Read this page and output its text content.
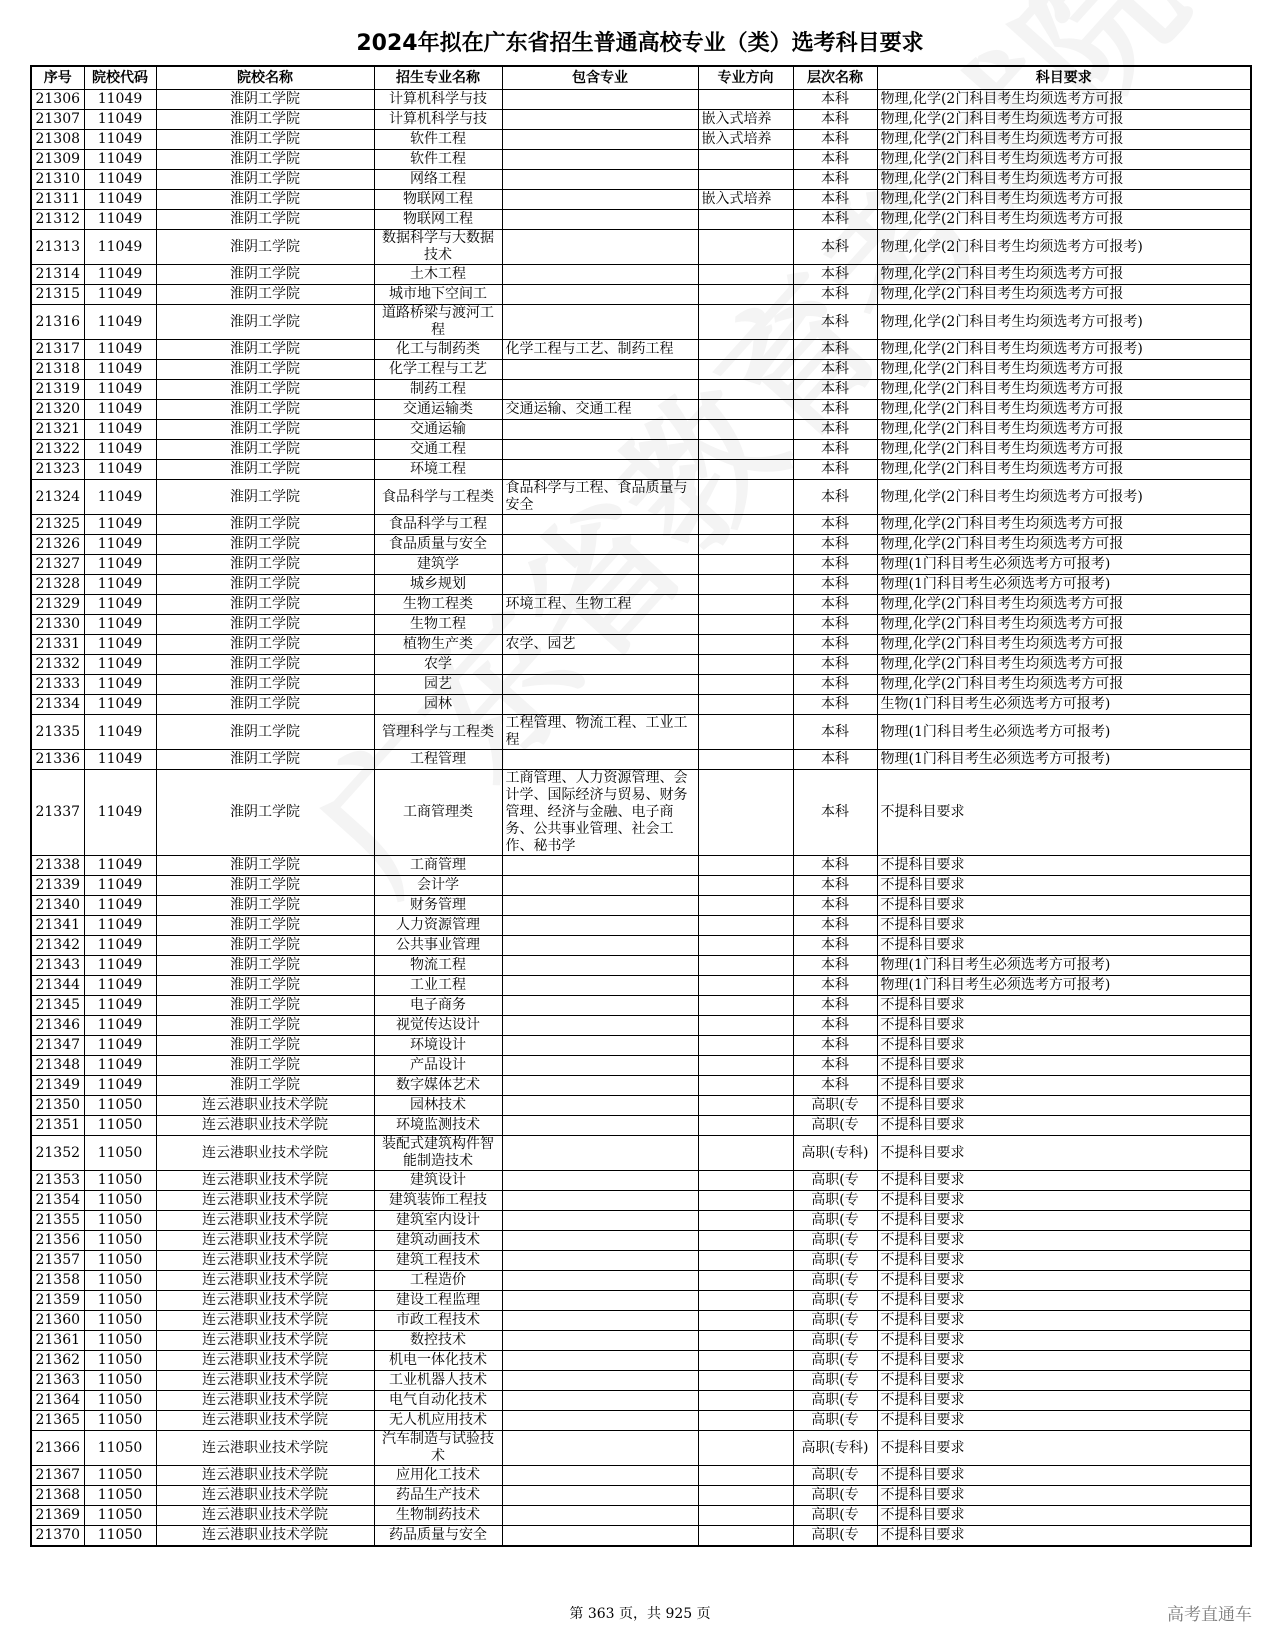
2024年拟在广东省招生普通高校专业（类）选考科目要求
序号	院校代码	院校名称	招生专业名称	包含专业	专业方向	层次名称	科目要求
21306	11049	淮阴工学院	计算机科学与技			本科	物理,化学(2门科目考生均须选考方可报
21307	11049	淮阴工学院	计算机科学与技		嵌入式培养	本科	物理,化学(2门科目考生均须选考方可报
21308	11049	淮阴工学院	软件工程		嵌入式培养	本科	物理,化学(2门科目考生均须选考方可报
21309	11049	淮阴工学院	软件工程			本科	物理,化学(2门科目考生均须选考方可报
21310	11049	淮阴工学院	网络工程			本科	物理,化学(2门科目考生均须选考方可报
21311	11049	淮阴工学院	物联网工程		嵌入式培养	本科	物理,化学(2门科目考生均须选考方可报
21312	11049	淮阴工学院	物联网工程			本科	物理,化学(2门科目考生均须选考方可报
21313	11049	淮阴工学院	数据科学与大数据技术			本科	物理,化学(2门科目考生均须选考方可报考)
21314	11049	淮阴工学院	土木工程			本科	物理,化学(2门科目考生均须选考方可报
21315	11049	淮阴工学院	城市地下空间工			本科	物理,化学(2门科目考生均须选考方可报
21316	11049	淮阴工学院	道路桥梁与渡河工程			本科	物理,化学(2门科目考生均须选考方可报考)
21317	11049	淮阴工学院	化工与制药类	化学工程与工艺、制药工程		本科	物理,化学(2门科目考生均须选考方可报考)
21318	11049	淮阴工学院	化学工程与工艺			本科	物理,化学(2门科目考生均须选考方可报
21319	11049	淮阴工学院	制药工程			本科	物理,化学(2门科目考生均须选考方可报
21320	11049	淮阴工学院	交通运输类	交通运输、交通工程		本科	物理,化学(2门科目考生均须选考方可报
21321	11049	淮阴工学院	交通运输			本科	物理,化学(2门科目考生均须选考方可报
21322	11049	淮阴工学院	交通工程			本科	物理,化学(2门科目考生均须选考方可报
21323	11049	淮阴工学院	环境工程			本科	物理,化学(2门科目考生均须选考方可报
21324	11049	淮阴工学院	食品科学与工程类	食品科学与工程、食品质量与安全		本科	物理,化学(2门科目考生均须选考方可报考)
21325	11049	淮阴工学院	食品科学与工程			本科	物理,化学(2门科目考生均须选考方可报
21326	11049	淮阴工学院	食品质量与安全			本科	物理,化学(2门科目考生均须选考方可报
21327	11049	淮阴工学院	建筑学			本科	物理(1门科目考生必须选考方可报考)
21328	11049	淮阴工学院	城乡规划			本科	物理(1门科目考生必须选考方可报考)
21329	11049	淮阴工学院	生物工程类	环境工程、生物工程		本科	物理,化学(2门科目考生均须选考方可报
21330	11049	淮阴工学院	生物工程			本科	物理,化学(2门科目考生均须选考方可报
21331	11049	淮阴工学院	植物生产类	农学、园艺		本科	物理,化学(2门科目考生均须选考方可报
21332	11049	淮阴工学院	农学			本科	物理,化学(2门科目考生均须选考方可报
21333	11049	淮阴工学院	园艺			本科	物理,化学(2门科目考生均须选考方可报
21334	11049	淮阴工学院	园林			本科	生物(1门科目考生必须选考方可报考)
21335	11049	淮阴工学院	管理科学与工程类	工程管理、物流工程、工业工程		本科	物理(1门科目考生必须选考方可报考)
21336	11049	淮阴工学院	工程管理			本科	物理(1门科目考生必须选考方可报考)
21337	11049	淮阴工学院	工商管理类	工商管理、人力资源管理、会计学、国际经济与贸易、财务管理、经济与金融、电子商务、公共事业管理、社会工作、秘书学		本科	不提科目要求
21338	11049	淮阴工学院	工商管理			本科	不提科目要求
21339	11049	淮阴工学院	会计学			本科	不提科目要求
21340	11049	淮阴工学院	财务管理			本科	不提科目要求
21341	11049	淮阴工学院	人力资源管理			本科	不提科目要求
21342	11049	淮阴工学院	公共事业管理			本科	不提科目要求
21343	11049	淮阴工学院	物流工程			本科	物理(1门科目考生必须选考方可报考)
21344	11049	淮阴工学院	工业工程			本科	物理(1门科目考生必须选考方可报考)
21345	11049	淮阴工学院	电子商务			本科	不提科目要求
21346	11049	淮阴工学院	视觉传达设计			本科	不提科目要求
21347	11049	淮阴工学院	环境设计			本科	不提科目要求
21348	11049	淮阴工学院	产品设计			本科	不提科目要求
21349	11049	淮阴工学院	数字媒体艺术			本科	不提科目要求
21350	11050	连云港职业技术学院	园林技术			高职(专	不提科目要求
21351	11050	连云港职业技术学院	环境监测技术			高职(专	不提科目要求
21352	11050	连云港职业技术学院	装配式建筑构件智能制造技术			高职(专科)	不提科目要求
21353	11050	连云港职业技术学院	建筑设计			高职(专	不提科目要求
21354	11050	连云港职业技术学院	建筑装饰工程技			高职(专	不提科目要求
21355	11050	连云港职业技术学院	建筑室内设计			高职(专	不提科目要求
21356	11050	连云港职业技术学院	建筑动画技术			高职(专	不提科目要求
21357	11050	连云港职业技术学院	建筑工程技术			高职(专	不提科目要求
21358	11050	连云港职业技术学院	工程造价			高职(专	不提科目要求
21359	11050	连云港职业技术学院	建设工程监理			高职(专	不提科目要求
21360	11050	连云港职业技术学院	市政工程技术			高职(专	不提科目要求
21361	11050	连云港职业技术学院	数控技术			高职(专	不提科目要求
21362	11050	连云港职业技术学院	机电一体化技术			高职(专	不提科目要求
21363	11050	连云港职业技术学院	工业机器人技术			高职(专	不提科目要求
21364	11050	连云港职业技术学院	电气自动化技术			高职(专	不提科目要求
21365	11050	连云港职业技术学院	无人机应用技术			高职(专	不提科目要求
21366	11050	连云港职业技术学院	汽车制造与试验技术			高职(专科)	不提科目要求
21367	11050	连云港职业技术学院	应用化工技术			高职(专	不提科目要求
21368	11050	连云港职业技术学院	药品生产技术			高职(专	不提科目要求
21369	11050	连云港职业技术学院	生物制药技术			高职(专	不提科目要求
21370	11050	连云港职业技术学院	药品质量与安全			高职(专	不提科目要求
第 363 页，共 925 页	高考直通车
